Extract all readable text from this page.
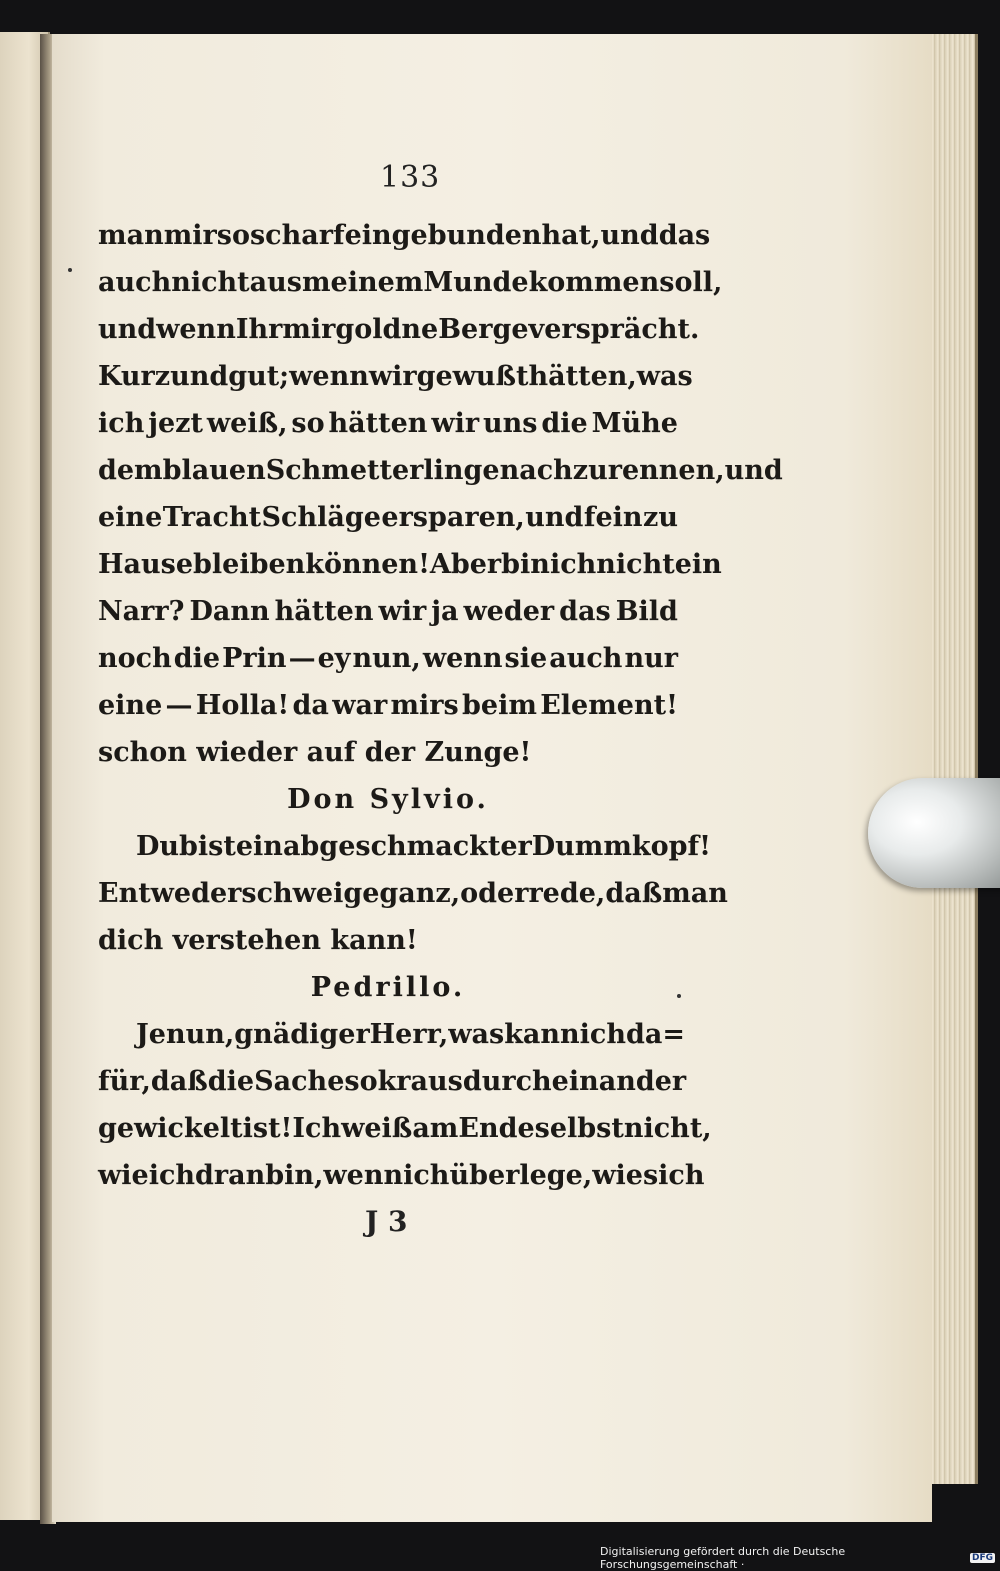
133
man mir so scharf eingebunden hat, und das
auch nicht aus meinem Munde kommen soll,
und wenn Ihr mir goldne Berge versprächt.
Kurz und gut; wenn wir gewußt hätten, was
ich jezt weiß, so hätten wir uns die Mühe
dem blauen Schmetterlinge nachzurennen, und
eine Tracht Schläge ersparen, und fein zu
Hause bleiben können! Aber bin ich nicht ein
Narr? Dann hätten wir ja weder das Bild
noch die Prin — ey nun, wenn sie auch nur
eine — Holla! da war mirs beim Element!
schon wieder auf der Zunge!
Don Sylvio.
Du bist ein abgeschmackter Dummkopf!
Entweder schweige ganz, oder rede, daß man
dich verstehen kann!
Pedrillo.
Je nun, gnädiger Herr, was kann ich da=
für, daß die Sache so kraus durch einander
gewickelt ist! Ich weiß am Ende selbst nicht,
wie ich dran bin, wenn ich überlege, wie sich
J 3
Digitalisierung gefördert durch die Deutsche Forschungsgemeinschaft ·	DFG
